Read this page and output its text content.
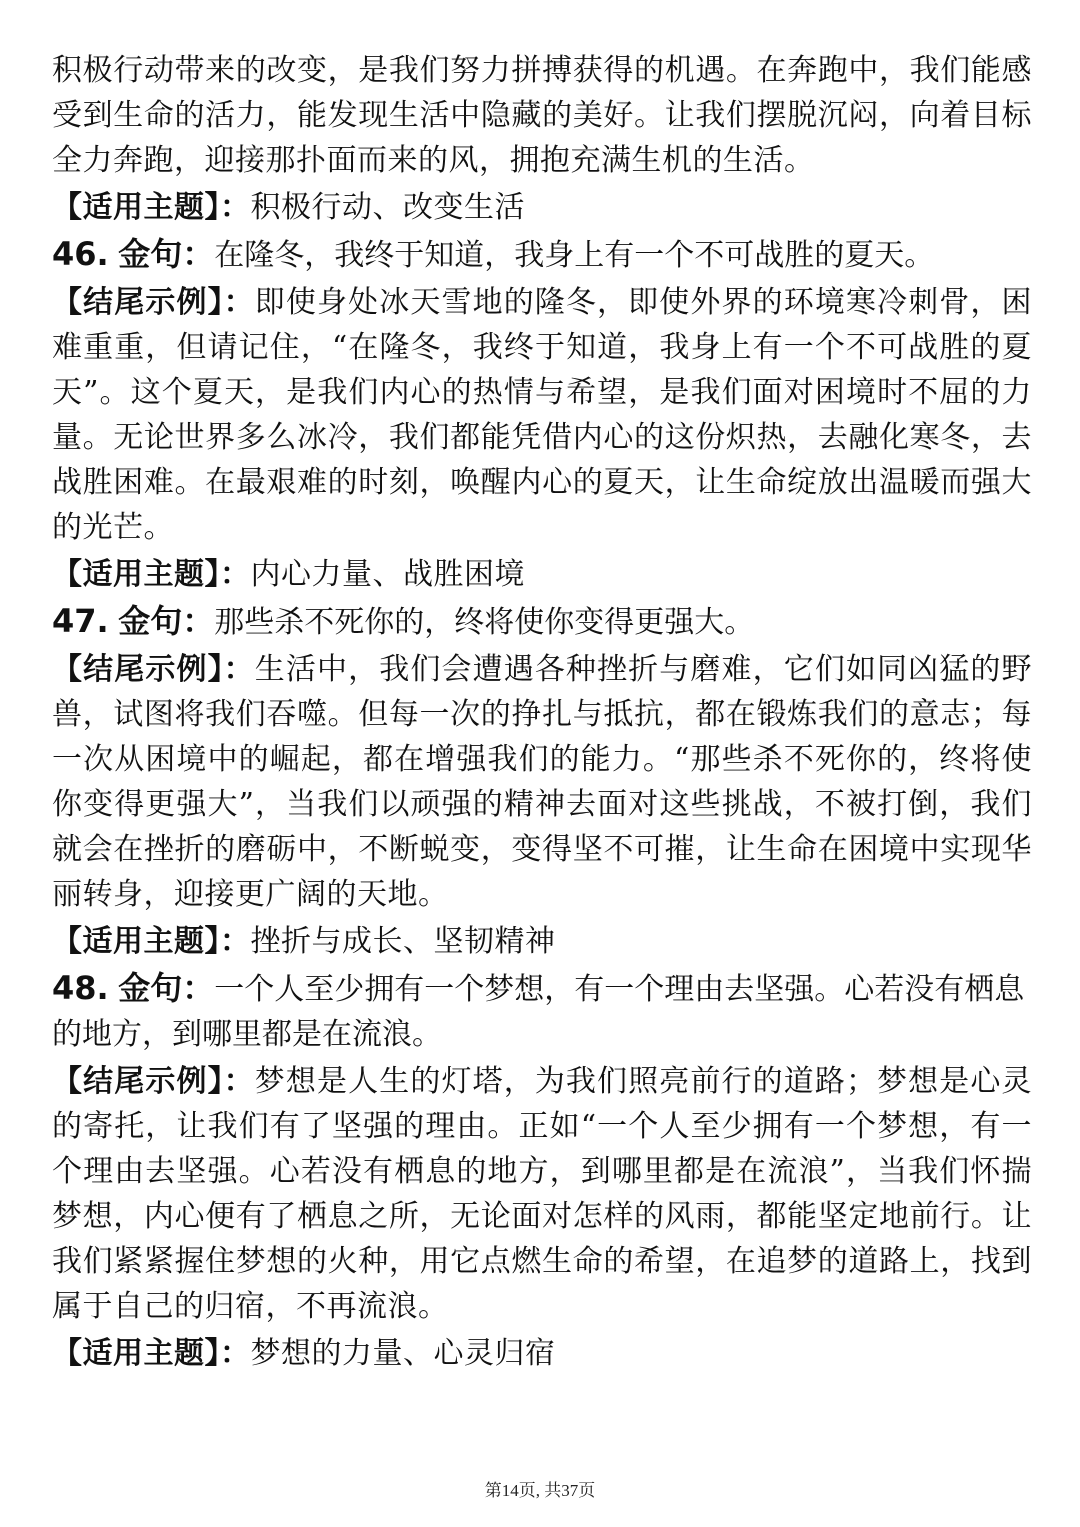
积极行动带来的改变，是我们努力拼搏获得的机遇。在奔跑中，我们能感受到生命的活力，能发现生活中隐藏的美好。让我们摆脱沉闷，向着目标全力奔跑，迎接那扑面而来的风，拥抱充满生机的生活。

【适用主题】：积极行动、改变生活

46. 金句：在隆冬，我终于知道，我身上有一个不可战胜的夏天。

【结尾示例】：即使身处冰天雪地的隆冬，即使外界的环境寒冷刺骨，困难重重，但请记住，“在隆冬，我终于知道，我身上有一个不可战胜的夏天”。这个夏天，是我们内心的热情与希望，是我们面对困境时不屈的力量。无论世界多么冰冷，我们都能凭借内心的这份炽热，去融化寒冬，去战胜困难。在最艰难的时刻，唤醒内心的夏天，让生命绽放出温暖而强大的光芒。

【适用主题】：内心力量、战胜困境

47. 金句：那些杀不死你的，终将使你变得更强大。

【结尾示例】：生活中，我们会遭遇各种挫折与磨难，它们如同凶猛的野兽，试图将我们吞噬。但每一次的挣扎与抵抗，都在锻炼我们的意志；每一次从困境中的崛起，都在增强我们的能力。“那些杀不死你的，终将使你变得更强大”，当我们以顽强的精神去面对这些挑战，不被打倒，我们就会在挫折的磨砺中，不断蜕变，变得坚不可摧，让生命在困境中实现华丽转身，迎接更广阔的天地。

【适用主题】：挫折与成长、坚韧精神

48. 金句：一个人至少拥有一个梦想，有一个理由去坚强。心若没有栖息的地方，到哪里都是在流浪。

【结尾示例】：梦想是人生的灯塔，为我们照亮前行的道路；梦想是心灵的寄托，让我们有了坚强的理由。正如“一个人至少拥有一个梦想，有一个理由去坚强。心若没有栖息的地方，到哪里都是在流浪”，当我们怀揣梦想，内心便有了栖息之所，无论面对怎样的风雨，都能坚定地前行。让我们紧紧握住梦想的火种，用它点燃生命的希望，在追梦的道路上，找到属于自己的归宿，不再流浪。

【适用主题】：梦想的力量、心灵归宿

第14页, 共37页
